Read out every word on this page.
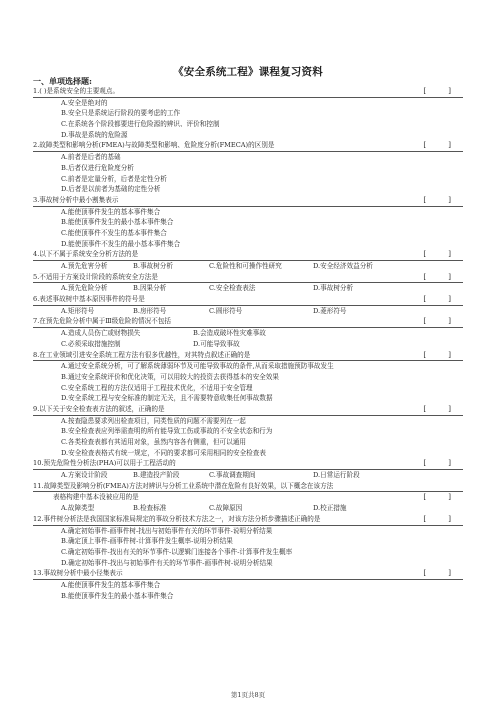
《安全系统工程》课程复习资料
一、单项选择题:
1.( )是系统安全的主要观点。	[ ]
A.安全是绝对的
B.安全只是系统运行阶段的要考虑的工作
C.在系统各个阶段都要进行危险源的辨识、评价和控制
D.事故是系统的危险源
2.故障类型和影响分析(FMEA)与故障类型和影响、危险度分析(FMECA)的区别是	[ ]
A.前者是后者的基础
B.后者仅进行危险度分析
C.前者是定量分析，后者是定性分析
D.后者是以前者为基础的定性分析
3.事故树分析中最小割集表示	[ ]
A.能使顶事件发生的基本事件集合
B.能使顶事件发生的最小基本事件集合
C.能使顶事件不发生的基本事件集合
D.能使顶事件不发生的最小基本事件集合
4.以下不属于系统安全分析方法的是	[ ]
A.预先危害分析	B.事故树分析	C.危险性和可操作性研究	D.安全经济效益分析
5.不适用于方案设计阶段的系统安全方法是	[ ]
A.预先危险分析	B.因果分析	C.安全检查表法	D.事故树分析
6.表述事故树中基本原因事件的符号是	[ ]
A.矩形符号	B.房形符号	C.圆形符号	D.菱形符号
7.在预先危险分析中属于Ⅲ级危险的情况不包括	[ ]
A.造成人员伤亡或财物损失	B.会造成破坏性灾难事故
C.必须采取措施控制	D.可能导致事故
8.在工业领域引进安全系统工程方法有很多优越性，对其特点叙述正确的是	[ ]
A.通过安全系统分析，可了解系统薄弱环节及可能导致事故的条件,从而采取措施预防事故发生
B.通过安全系统评价和优化决策，可以用较大的投资去获得基本的安全效果
C.安全系统工程的方法仅适用于工程技术优化，不适用于安全管理
D.安全系统工程与安全标准的制定无关，且不需要特意收集任何事故数据
9.以下关于安全检查表方法的叙述，正确的是	[ ]
A.按查隐患要求列出检查项目，同类性质的问题不需要列在一起
B.安全检查表应列举需查明的所有能导致工伤或事故的不安全状态和行为
C.各类检查表都有其适用对象，虽然内容各有侧重，但可以通用
D.安全检查表格式有统一规定，不同的要求都可采用相同的安全检查表
10.预先危险性分析法(PHA)可以用于工程活动的	[ ]
A.方案设计阶段	B.建造投产阶段	C.事故调查期间	D.日常运行阶段
11.故障类型及影响分析(FMEA)方法对辨识与分析工业系统中潜在危险有良好效果，以下概念在该方法
表格构建中基本没被应用的是	[ ]
A.故障类型	B.检查标准	C.故障原因	D.校正措施
12.事件树分析法是我国国家标准局规定的事故分析技术方法之一，对该方法分析步骤描述正确的是	[ ]
A.确定初始事件-画事件树-找出与初始事件有关的环节事件-说明分析结果
B.确定顶上事件-画事件树-计算事件发生概率-说明分析结果
C.确定初始事件-找出有关的环节事件-以逻辑门连接各个事件-计算事件发生概率
D.确定初始事件-找出与初始事件有关的环节事件-画事件树-说明分析结果
13.事故树分析中最小径集表示	[ ]
A.能使顶事件发生的基本事件集合
B.能使顶事件发生的最小基本事件集合
第1页共8页
